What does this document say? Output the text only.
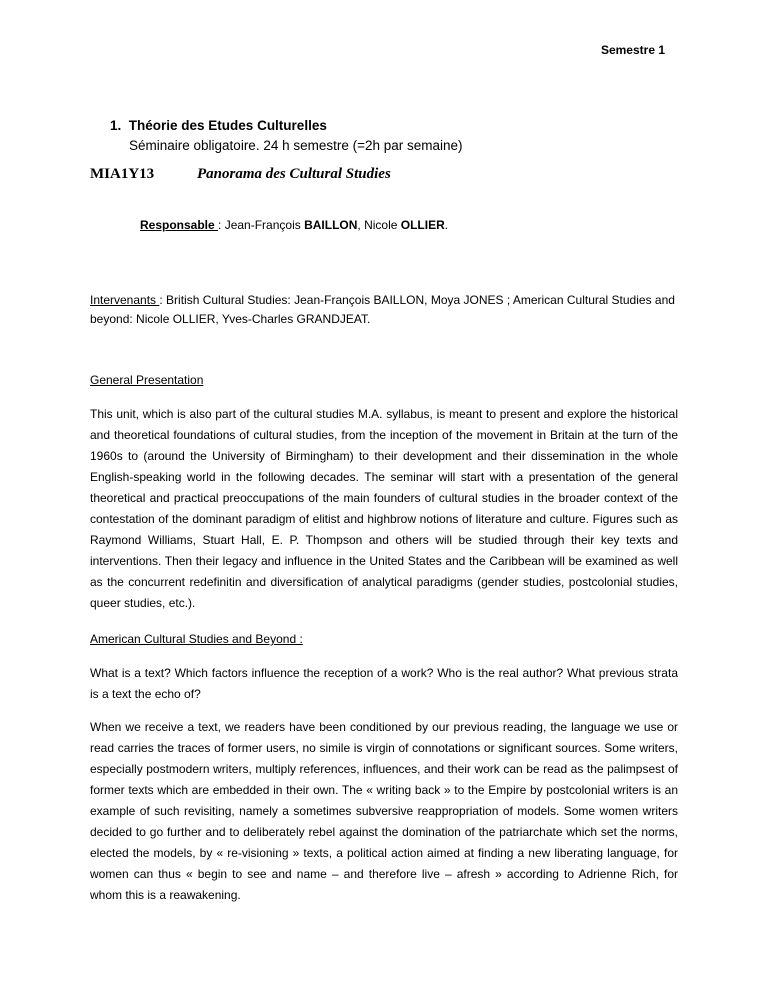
Semestre 1
1. Théorie des Etudes Culturelles
Séminaire obligatoire. 24 h semestre (=2h par semaine)
MIA1Y13	Panorama des Cultural Studies
Responsable : Jean-François BAILLON, Nicole OLLIER.
Intervenants : British Cultural Studies: Jean-François BAILLON, Moya JONES ; American Cultural Studies and beyond: Nicole OLLIER, Yves-Charles GRANDJEAT.
General Presentation

This unit, which is also part of the cultural studies M.A. syllabus, is meant to present and explore the historical and theoretical foundations of cultural studies, from the inception of the movement in Britain at the turn of the 1960s to (around the University of Birmingham) to their development and their dissemination in the whole English-speaking world in the following decades. The seminar will start with a presentation of the general theoretical and practical preoccupations of the main founders of cultural studies in the broader context of the contestation of the dominant paradigm of elitist and highbrow notions of literature and culture. Figures such as Raymond Williams, Stuart Hall, E. P. Thompson and others will be studied through their key texts and interventions. Then their legacy and influence in the United States and the Caribbean will be examined as well as the concurrent redefinitin and diversification of analytical paradigms (gender studies, postcolonial studies, queer studies, etc.).

American Cultural Studies and Beyond :

What is a text? Which factors influence the reception of a work? Who is the real author? What previous strata is a text the echo of?

When we receive a text, we readers have been conditioned by our previous reading, the language we use or read carries the traces of former users, no simile is virgin of connotations or significant sources. Some writers, especially postmodern writers, multiply references, influences, and their work can be read as the palimpsest of former texts which are embedded in their own. The « writing back » to the Empire by postcolonial writers is an example of such revisiting, namely a sometimes subversive reappropriation of models. Some women writers decided to go further and to deliberately rebel against the domination of the patriarchate which set the norms, elected the models, by « re-visioning » texts, a political action aimed at finding a new liberating language, for women can thus « begin to see and name – and therefore live – afresh » according to Adrienne Rich, for whom this is a reawakening.
